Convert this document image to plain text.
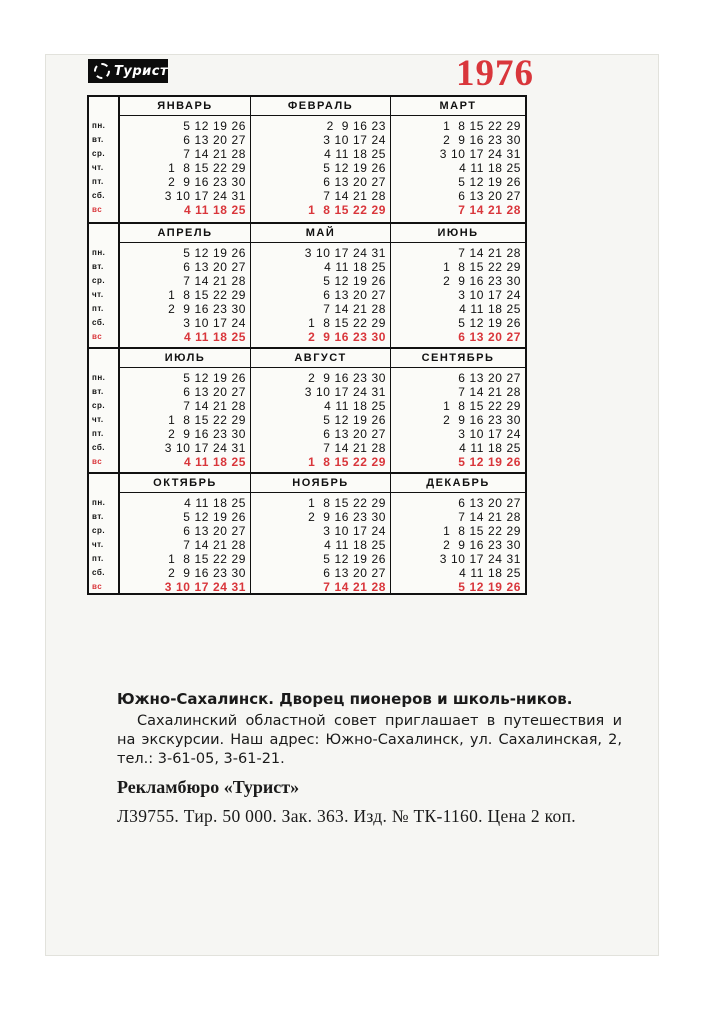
Турист	1976
пн.
вт.
ср.
чт.
пт.
сб.
вс
ЯНВАРЬ
5 12 19 26
6 13 20 27
7 14 21 28
1  8 15 22 29
2  9 16 23 30
3 10 17 24 31
4 11 18 25
ФЕВРАЛЬ
2  9 16 23
3 10 17 24
4 11 18 25
5 12 19 26
6 13 20 27
7 14 21 28
1  8 15 22 29
МАРТ
1  8 15 22 29
2  9 16 23 30
3 10 17 24 31
4 11 18 25
5 12 19 26
6 13 20 27
7 14 21 28
пн.
вт.
ср.
чт.
пт.
сб.
вс
АПРЕЛЬ
5 12 19 26
6 13 20 27
7 14 21 28
1  8 15 22 29
2  9 16 23 30
3 10 17 24
4 11 18 25
МАЙ
3 10 17 24 31
4 11 18 25
5 12 19 26
6 13 20 27
7 14 21 28
1  8 15 22 29
2  9 16 23 30
ИЮНЬ
7 14 21 28
1  8 15 22 29
2  9 16 23 30
3 10 17 24
4 11 18 25
5 12 19 26
6 13 20 27
пн.
вт.
ср.
чт.
пт.
сб.
вс
ИЮЛЬ
5 12 19 26
6 13 20 27
7 14 21 28
1  8 15 22 29
2  9 16 23 30
3 10 17 24 31
4 11 18 25
АВГУСТ
2  9 16 23 30
3 10 17 24 31
4 11 18 25
5 12 19 26
6 13 20 27
7 14 21 28
1  8 15 22 29
СЕНТЯБРЬ
6 13 20 27
7 14 21 28
1  8 15 22 29
2  9 16 23 30
3 10 17 24
4 11 18 25
5 12 19 26
пн.
вт.
ср.
чт.
пт.
сб.
вс
ОКТЯБРЬ
4 11 18 25
5 12 19 26
6 13 20 27
7 14 21 28
1  8 15 22 29
2  9 16 23 30
3 10 17 24 31
НОЯБРЬ
1  8 15 22 29
2  9 16 23 30
3 10 17 24
4 11 18 25
5 12 19 26
6 13 20 27
7 14 21 28
ДЕКАБРЬ
6 13 20 27
7 14 21 28
1  8 15 22 29
2  9 16 23 30
3 10 17 24 31
4 11 18 25
5 12 19 26
Южно-Сахалинск. Дворец пионеров и школь-ников.
Сахалинский областной совет приглашает в путешествия и на экскурсии. Наш адрес: Южно-Сахалинск, ул. Сахалинская, 2, тел.: 3-61-05, 3-61-21.
Рекламбюро «Турист»
Л39755. Тир. 50 000. Зак. 363. Изд. № ТК-1160. Цена 2 коп.
